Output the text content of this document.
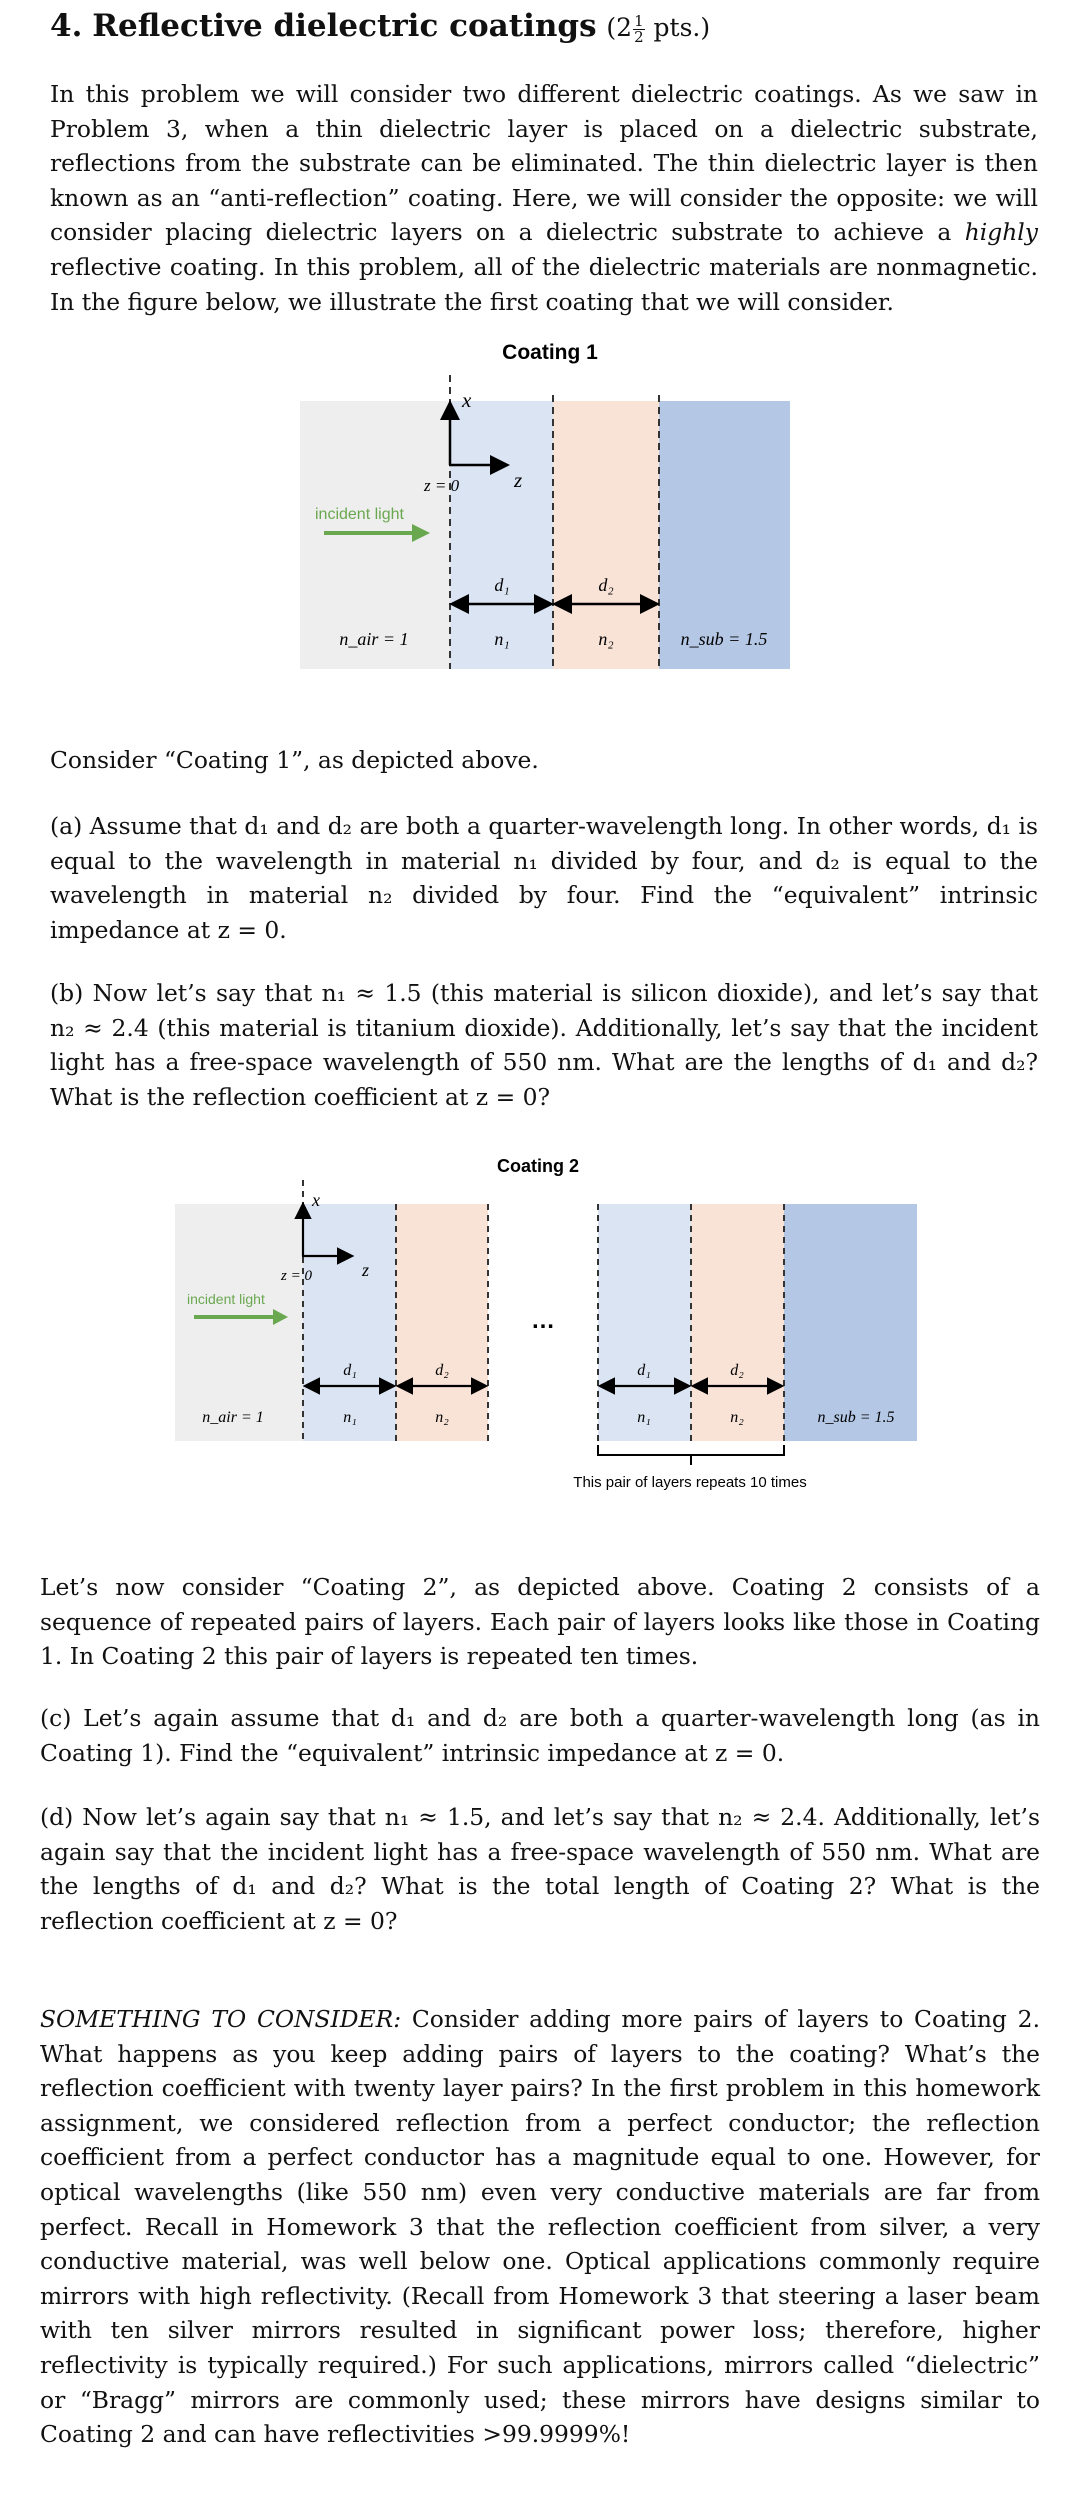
4. Reflective dielectric coatings $(2 \frac{1}{2} pts.)$

In this problem we will consider two different dielectric coatings. As we saw in Problem 3, when a thin dielectric layer is placed on a dielectric substrate, reflections from the substrate can be eliminated. The thin dielectric layer is then known as an “anti-reflection” coating. Here, we will consider the opposite: we will consider placing dielectric layers on a dielectric substrate to achieve a highly reflective coating. In this problem, all of the dielectric materials are nonmagnetic. In the figure below, we illustrate the first coating that we will consider.

Coating 1
x
z
z = 0
incident light
d₁	d₂
n_air = 1	n₁	n₂	n_sub = 1.5

Consider “Coating 1”, as depicted above.

(a) Assume that d₁ and d₂ are both a quarter-wavelength long. In other words, d₁ is equal to the wavelength in material n₁ divided by four, and d₂ is equal to the wavelength in material n₂ divided by four. Find the “equivalent” intrinsic impedance at z = 0.

(b) Now let’s say that n₁ ≈ 1.5 (this material is silicon dioxide), and let’s say that n₂ ≈ 2.4 (this material is titanium dioxide). Additionally, let’s say that the incident light has a free-space wavelength of 550 nm. What are the lengths of d₁ and d₂? What is the reflection coefficient at z = 0?

Coating 2
x
z
z = 0
incident light
…
d₁	d₂	d₁	d₂
n_air = 1	n₁	n₂	n₁	n₂	n_sub = 1.5
This pair of layers repeats 10 times

Let’s now consider “Coating 2”, as depicted above. Coating 2 consists of a sequence of repeated pairs of layers. Each pair of layers looks like those in Coating 1. In Coating 2 this pair of layers is repeated ten times.

(c) Let’s again assume that d₁ and d₂ are both a quarter-wavelength long (as in Coating 1). Find the “equivalent” intrinsic impedance at z = 0.

(d) Now let’s again say that n₁ ≈ 1.5, and let’s say that n₂ ≈ 2.4. Additionally, let’s again say that the incident light has a free-space wavelength of 550 nm. What are the lengths of d₁ and d₂? What is the total length of Coating 2? What is the reflection coefficient at z = 0?

SOMETHING TO CONSIDER: Consider adding more pairs of layers to Coating 2. What happens as you keep adding pairs of layers to the coating? What’s the reflection coefficient with twenty layer pairs? In the first problem in this homework assignment, we considered reflection from a perfect conductor; the reflection coefficient from a perfect conductor has a magnitude equal to one. However, for optical wavelengths (like 550 nm) even very conductive materials are far from perfect. Recall in Homework 3 that the reflection coefficient from silver, a very conductive material, was well below one. Optical applications commonly require mirrors with high reflectivity. (Recall from Homework 3 that steering a laser beam with ten silver mirrors resulted in significant power loss; therefore, higher reflectivity is typically required.) For such applications, mirrors called “dielectric” or “Bragg” mirrors are commonly used; these mirrors have designs similar to Coating 2 and can have reflectivities >99.9999%!
